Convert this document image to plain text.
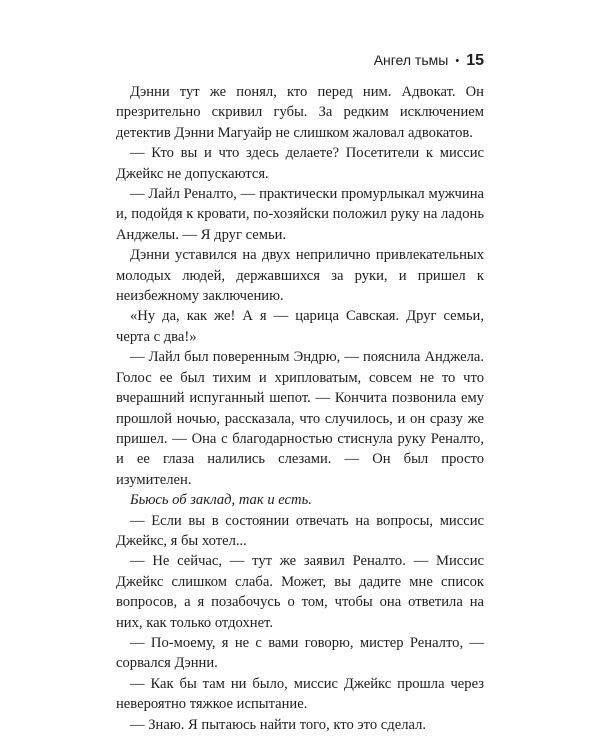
Ангел тьмы • 15

Дэнни тут же понял, кто перед ним. Адвокат. Он презрительно скривил губы. За редким исключением детектив Дэнни Магуайр не слишком жаловал адвокатов.

— Кто вы и что здесь делаете? Посетители к миссис Джейкс не допускаются.

— Лайл Реналто, — практически промурлыкал мужчина и, подойдя к кровати, по-хозяйски положил руку на ладонь Анджелы. — Я друг семьи.

Дэнни уставился на двух неприлично привлекательных молодых людей, державшихся за руки, и пришел к неизбежному заключению.

«Ну да, как же! А я — царица Савская. Друг семьи, черта с два!»

— Лайл был поверенным Эндрю, — пояснила Анджела. Голос ее был тихим и хрипловатым, совсем не то что вчерашний испуганный шепот. — Кончита позвонила ему прошлой ночью, рассказала, что случилось, и он сразу же пришел. — Она с благодарностью стиснула руку Реналто, и ее глаза налились слезами. — Он был просто изумителен.

Бьюсь об заклад, так и есть.

— Если вы в состоянии отвечать на вопросы, миссис Джейкс, я бы хотел...

— Не сейчас, — тут же заявил Реналто. — Миссис Джейкс слишком слаба. Может, вы дадите мне список вопросов, а я позабочусь о том, чтобы она ответила на них, как только отдохнет.

— По-моему, я не с вами говорю, мистер Реналто, — сорвался Дэнни.

— Как бы там ни было, миссис Джейкс прошла через невероятно тяжкое испытание.

— Знаю. Я пытаюсь найти того, кто это сделал.
